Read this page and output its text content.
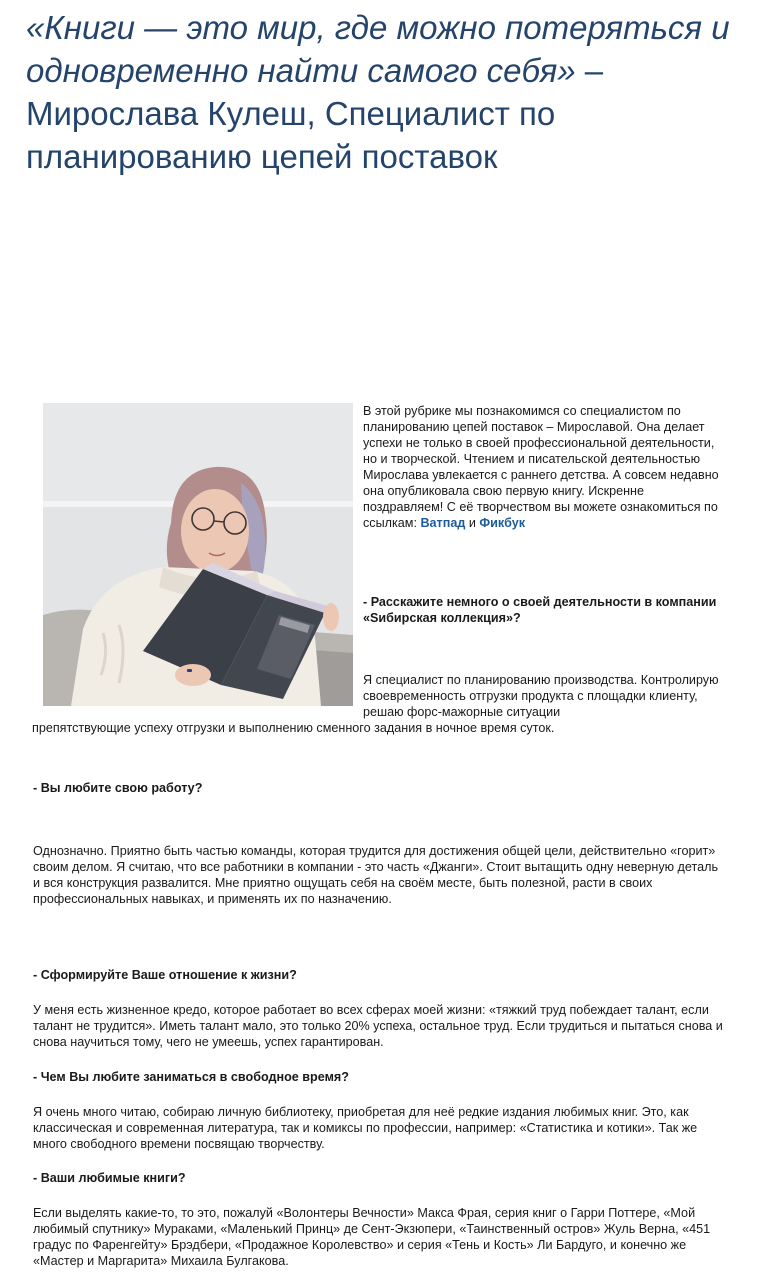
«Книги — это мир, где можно потеряться и одновременно найти самого себя» – Мирослава Кулеш, Специалист по планированию цепей поставок

В этой рубрике мы познакомимся со специалистом по планированию цепей поставок – Мирославой. Она делает успехи не только в своей профессиональной деятельности, но и творческой. Чтением и писательской деятельностью Мирослава увлекается с раннего детства. А совсем недавно она опубликовала свою первую книгу. Искренне поздравляем! С её творчеством вы можете ознакомиться по ссылкам: Ватпад и Фикбук

- Расскажите немного о своей деятельности в компании «Sибирская коллекция»?

Я специалист по планированию производства. Контролирую своевременность отгрузки продукта с площадки клиенту, решаю форс-мажорные ситуации
препятствующие успеху отгрузки и выполнению сменного задания в ночное время суток.

- Вы любите свою работу?

Однозначно. Приятно быть частью команды, которая трудится для достижения общей цели, действительно «горит» своим делом. Я считаю, что все работники в компании - это часть «Джанги». Стоит вытащить одну неверную деталь и вся конструкция развалится. Мне приятно ощущать себя на своём месте, быть полезной, расти в своих профессиональных навыках, и применять их по назначению.

- Сформируйте Ваше отношение к жизни?

У меня есть жизненное кредо, которое работает во всех сферах моей жизни: «тяжкий труд побеждает талант, если талант не трудится». Иметь талант мало, это только 20% успеха, остальное труд. Если трудиться и пытаться снова и снова научиться тому, чего не умеешь, успех гарантирован.

- Чем Вы любите заниматься в свободное время?

Я очень много читаю, собираю личную библиотеку, приобретая для неё редкие издания любимых книг. Это, как классическая и современная литература, так и комиксы по профессии, например: «Статистика и котики». Так же много свободного времени посвящаю творчеству.

- Ваши любимые книги?

Если выделять какие-то, то это, пожалуй «Волонтеры Вечности» Макса Фрая, серия книг о Гарри Поттере, «Мой любимый спутнику» Мураками, «Маленький Принц» де Сент-Экзюпери, «Таинственный остров» Жуль Верна, «451 градус по Фаренгейту» Брэдбери, «Продажное Королевство» и серия «Тень и Кость» Ли Бардуго, и конечно же «Мастер и Маргарита» Михаила Булгакова.
